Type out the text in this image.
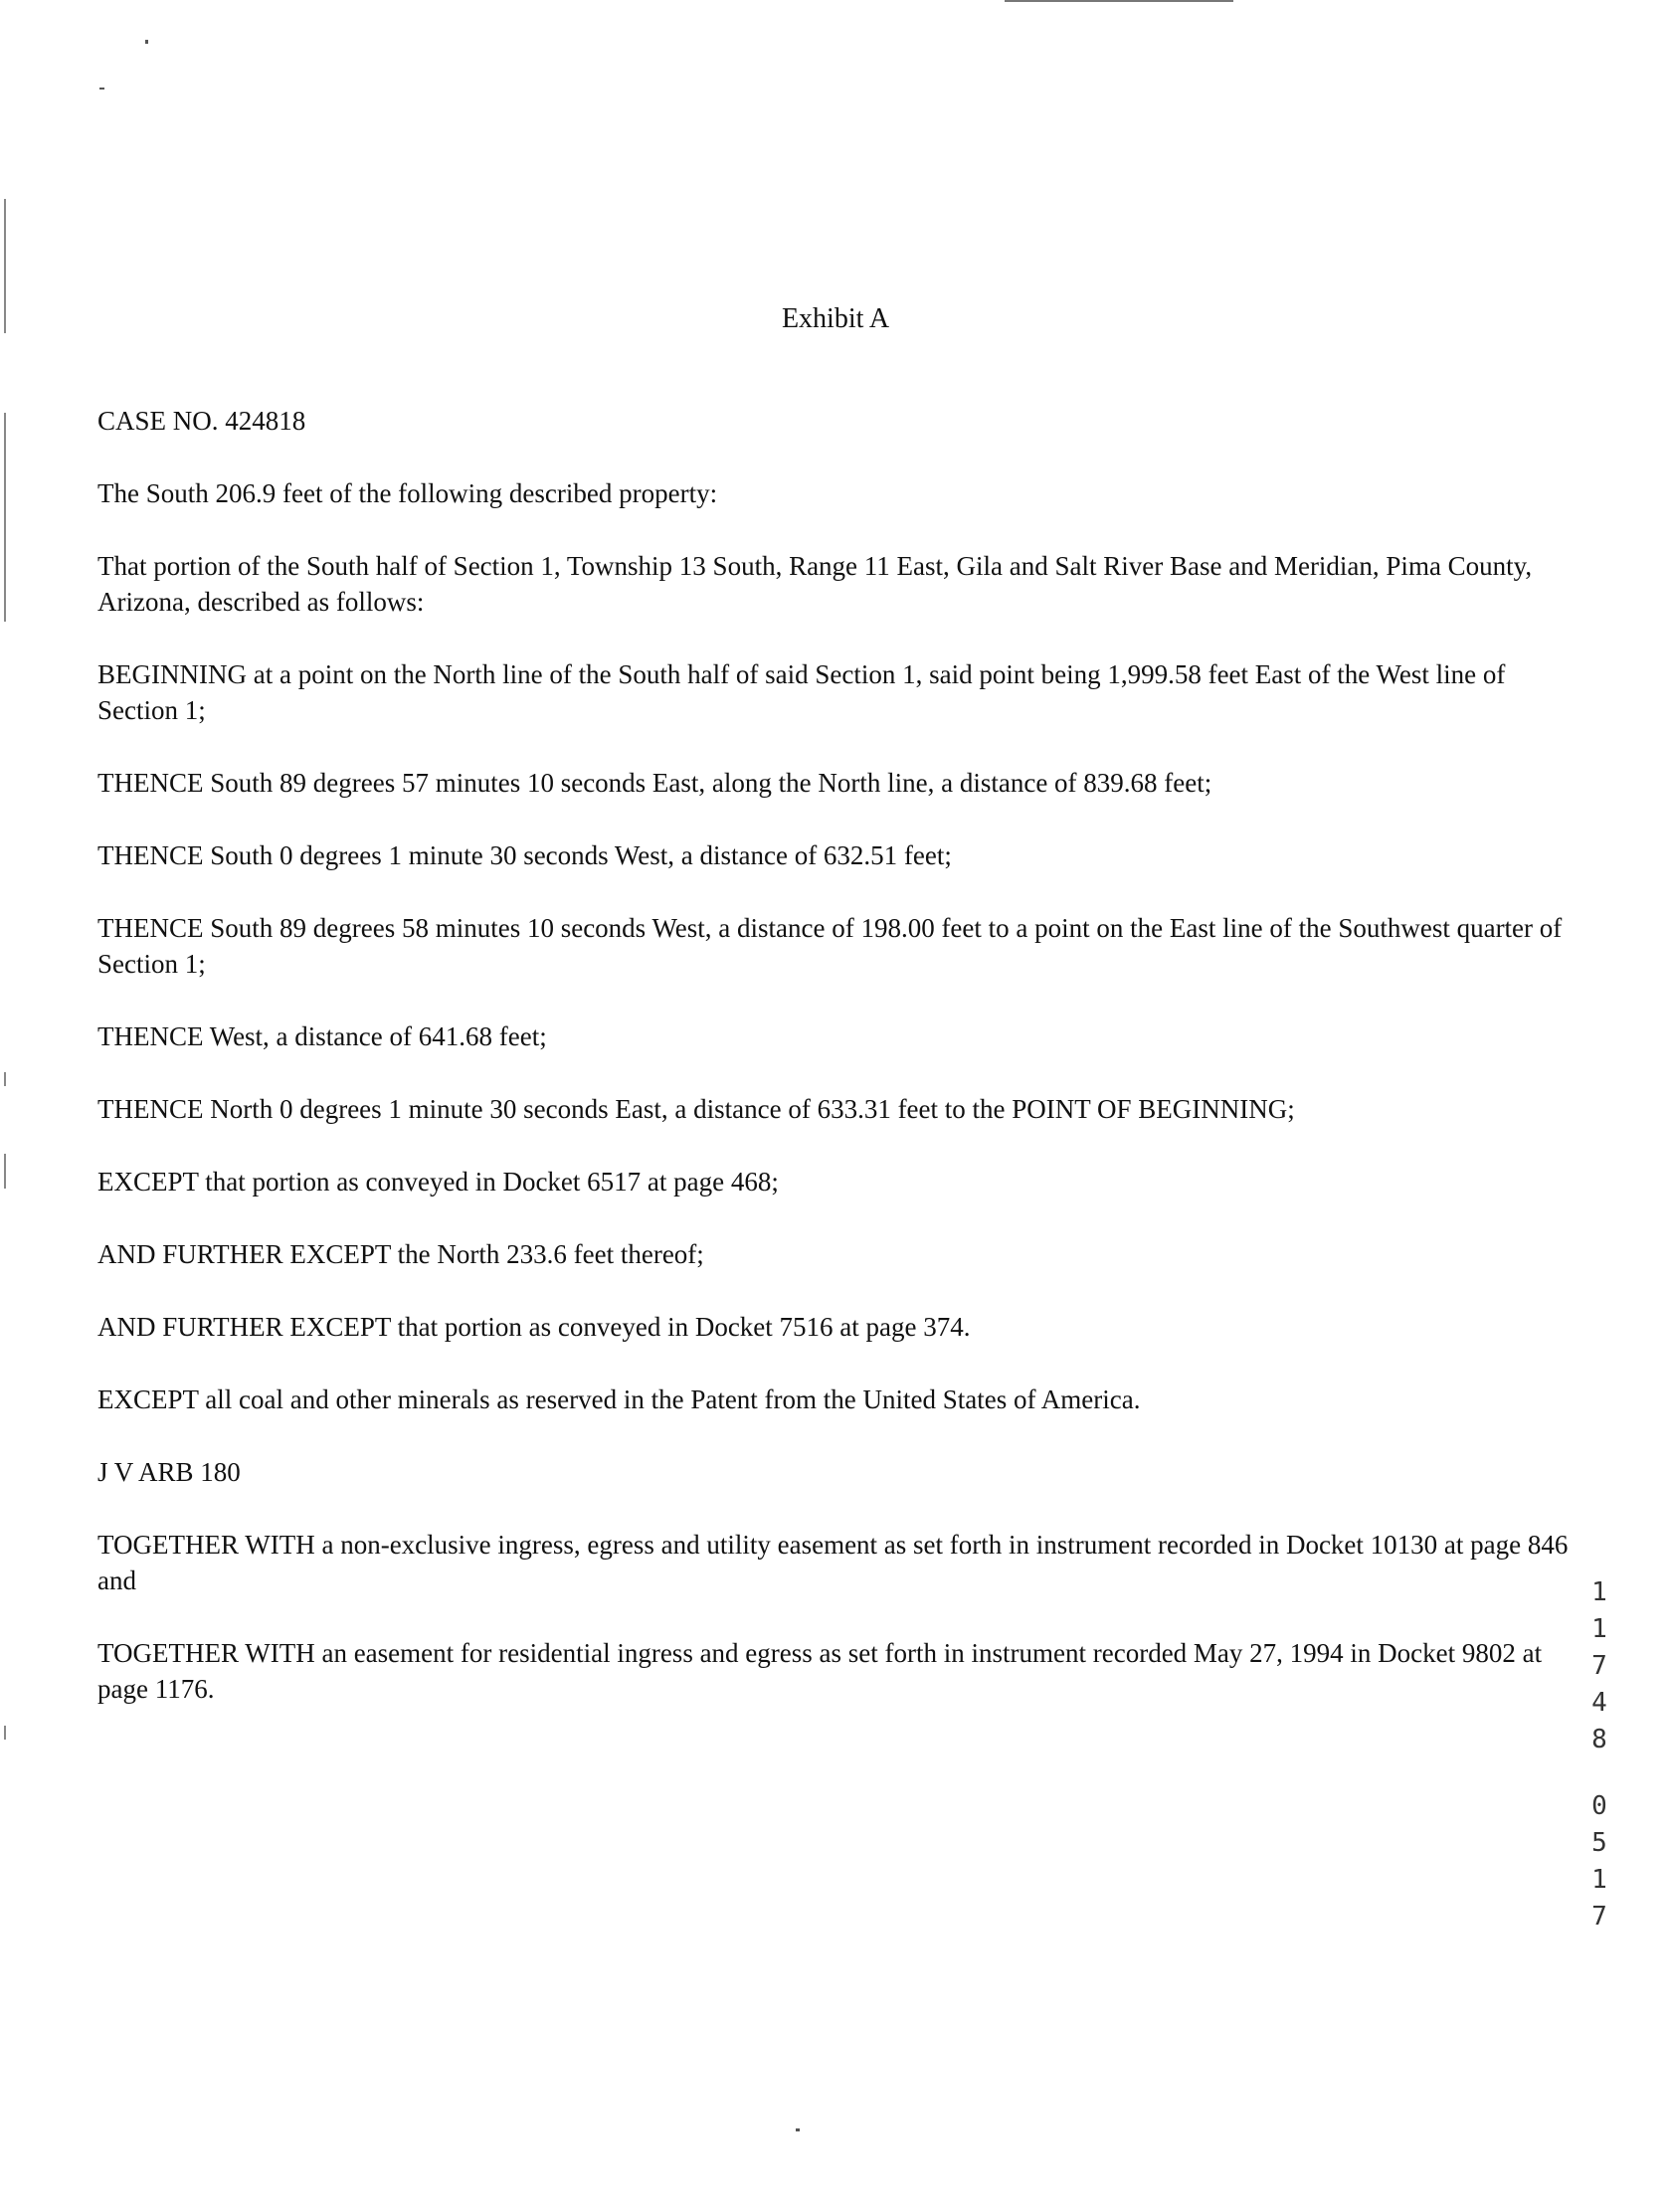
Exhibit A

CASE NO. 424818

The South 206.9 feet of the following described property:

That portion of the South half of Section 1, Township 13 South, Range 11 East, Gila and Salt River Base and Meridian, Pima County, Arizona, described as follows:

BEGINNING at a point on the North line of the South half of said Section 1, said point being 1,999.58 feet East of the West line of Section 1;

THENCE South 89 degrees 57 minutes 10 seconds East, along the North line, a distance of 839.68 feet;

THENCE South 0 degrees 1 minute 30 seconds West, a distance of 632.51 feet;

THENCE South 89 degrees 58 minutes 10 seconds West, a distance of 198.00 feet to a point on the East line of the Southwest quarter of Section 1;

THENCE West, a distance of 641.68 feet;

THENCE North 0 degrees 1 minute 30 seconds East, a distance of 633.31 feet to the POINT OF BEGINNING;

EXCEPT that portion as conveyed in Docket 6517 at page 468;

AND FURTHER EXCEPT the North 233.6 feet thereof;

AND FURTHER EXCEPT that portion as conveyed in Docket 7516 at page 374.

EXCEPT all coal and other minerals as reserved in the Patent from the United States of America.

J V ARB 180

TOGETHER WITH a non-exclusive ingress, egress and utility easement as set forth in instrument recorded in Docket 10130 at page 846 and

TOGETHER WITH an easement for residential ingress and egress as set forth in instrument recorded May 27, 1994 in Docket 9802 at page 1176.

1
1
7
4
8
0
5
1
7
